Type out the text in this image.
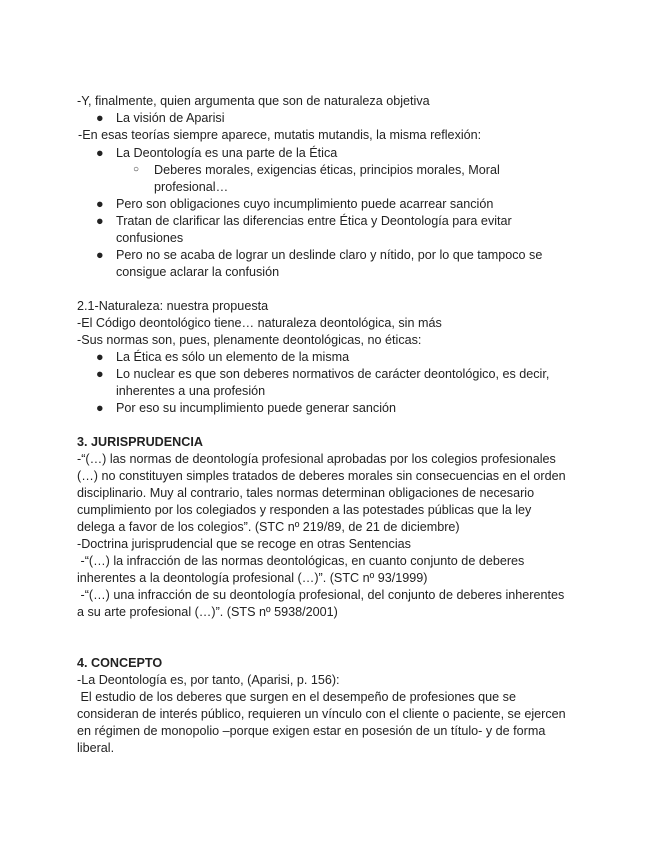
-Y, finalmente, quien argumenta que son de naturaleza objetiva
● La visión de Aparisi
-En esas teorías siempre aparece, mutatis mutandis, la misma reflexión:
● La Deontología es una parte de la Ética
○ Deberes morales, exigencias éticas, principios morales, Moral
profesional…
● Pero son obligaciones cuyo incumplimiento puede acarrear sanción
● Tratan de clarificar las diferencias entre Ética y Deontología para evitar
confusiones
● Pero no se acaba de lograr un deslinde claro y nítido, por lo que tampoco se
consigue aclarar la confusión
2.1-Naturaleza: nuestra propuesta
-El Código deontológico tiene… naturaleza deontológica, sin más
-Sus normas son, pues, plenamente deontológicas, no éticas:
● La Ética es sólo un elemento de la misma
● Lo nuclear es que son deberes normativos de carácter deontológico, es decir,
inherentes a una profesión
● Por eso su incumplimiento puede generar sanción
3. JURISPRUDENCIA
-“(…) las normas de deontología profesional aprobadas por los colegios profesionales
(…) no constituyen simples tratados de deberes morales sin consecuencias en el orden
disciplinario. Muy al contrario, tales normas determinan obligaciones de necesario
cumplimiento por los colegiados y responden a las potestades públicas que la ley
delega a favor de los colegios”. (STC nº 219/89, de 21 de diciembre)
-Doctrina jurisprudencial que se recoge en otras Sentencias
-“(…) la infracción de las normas deontológicas, en cuanto conjunto de deberes
inherentes a la deontología profesional (…)”. (STC nº 93/1999)
-“(…) una infracción de su deontología profesional, del conjunto de deberes inherentes
a su arte profesional (…)”. (STS nº 5938/2001)
4. CONCEPTO
-La Deontología es, por tanto, (Aparisi, p. 156):
El estudio de los deberes que surgen en el desempeño de profesiones que se
consideran de interés público, requieren un vínculo con el cliente o paciente, se ejercen
en régimen de monopolio –porque exigen estar en posesión de un título- y de forma
liberal.
